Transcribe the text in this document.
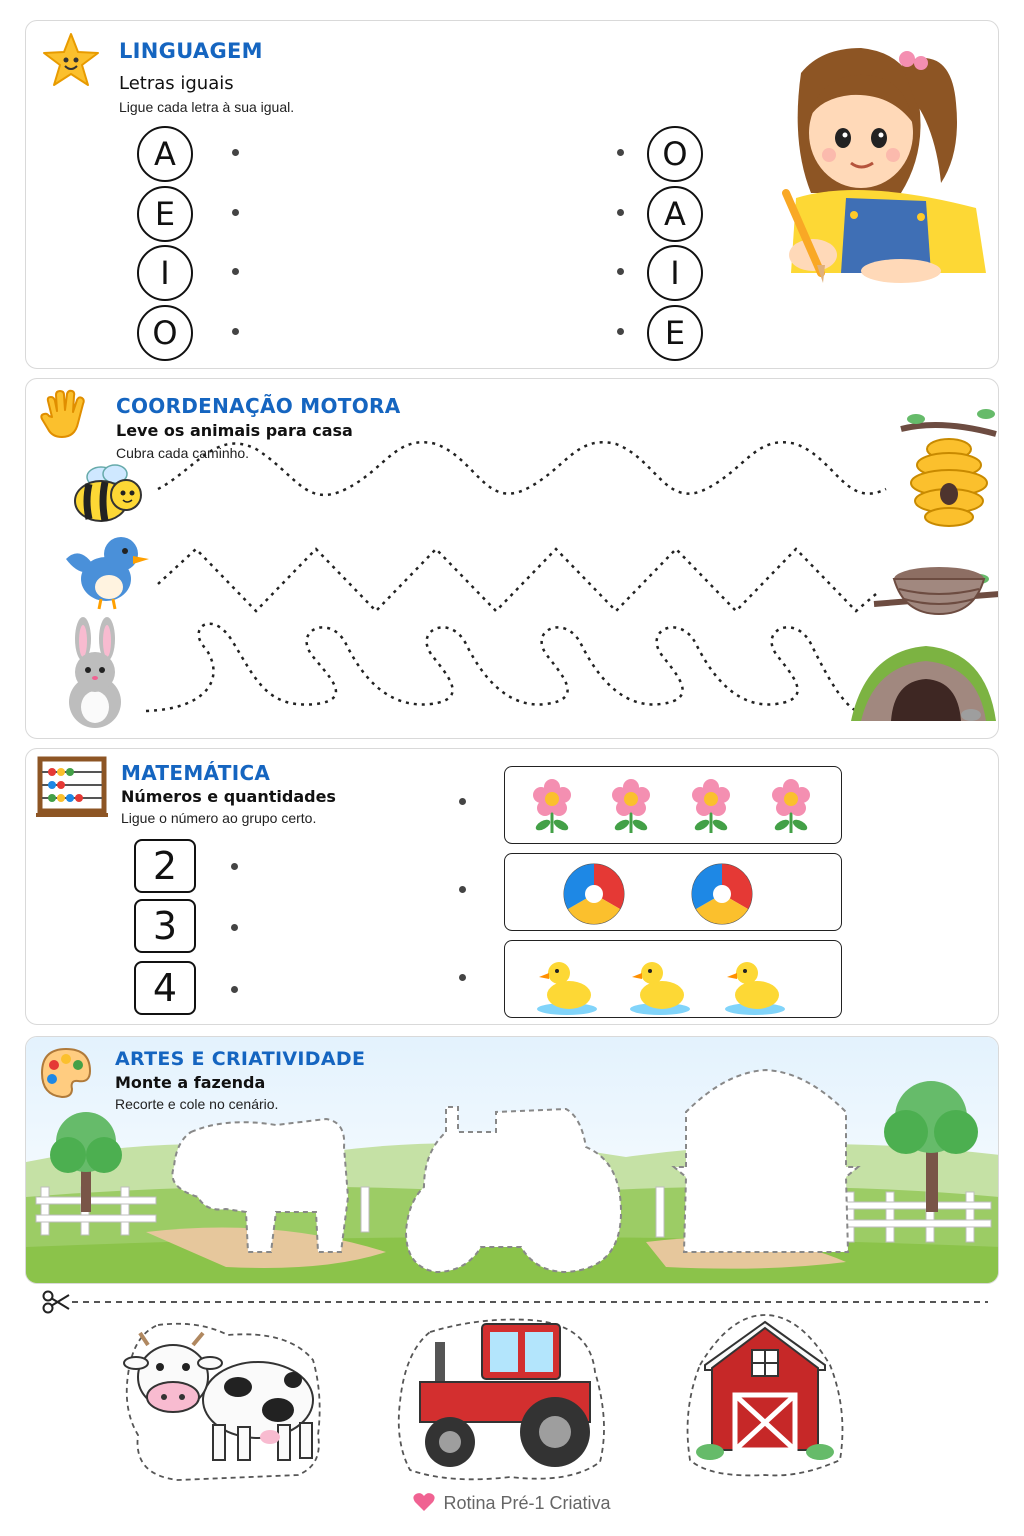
LINGUAGEM
Letras iguais
Ligue cada letra à sua igual.
A
E
I
O
O
A
I
E
COORDENAÇÃO MOTORA
Leve os animais para casa
Cubra cada caminho.
MATEMÁTICA
Números e quantidades
Ligue o número ao grupo certo.
2
3
4
ARTES E CRIATIVIDADE
Monte a fazenda
Recorte e cole no cenário.
Rotina Pré-1 Criativa
